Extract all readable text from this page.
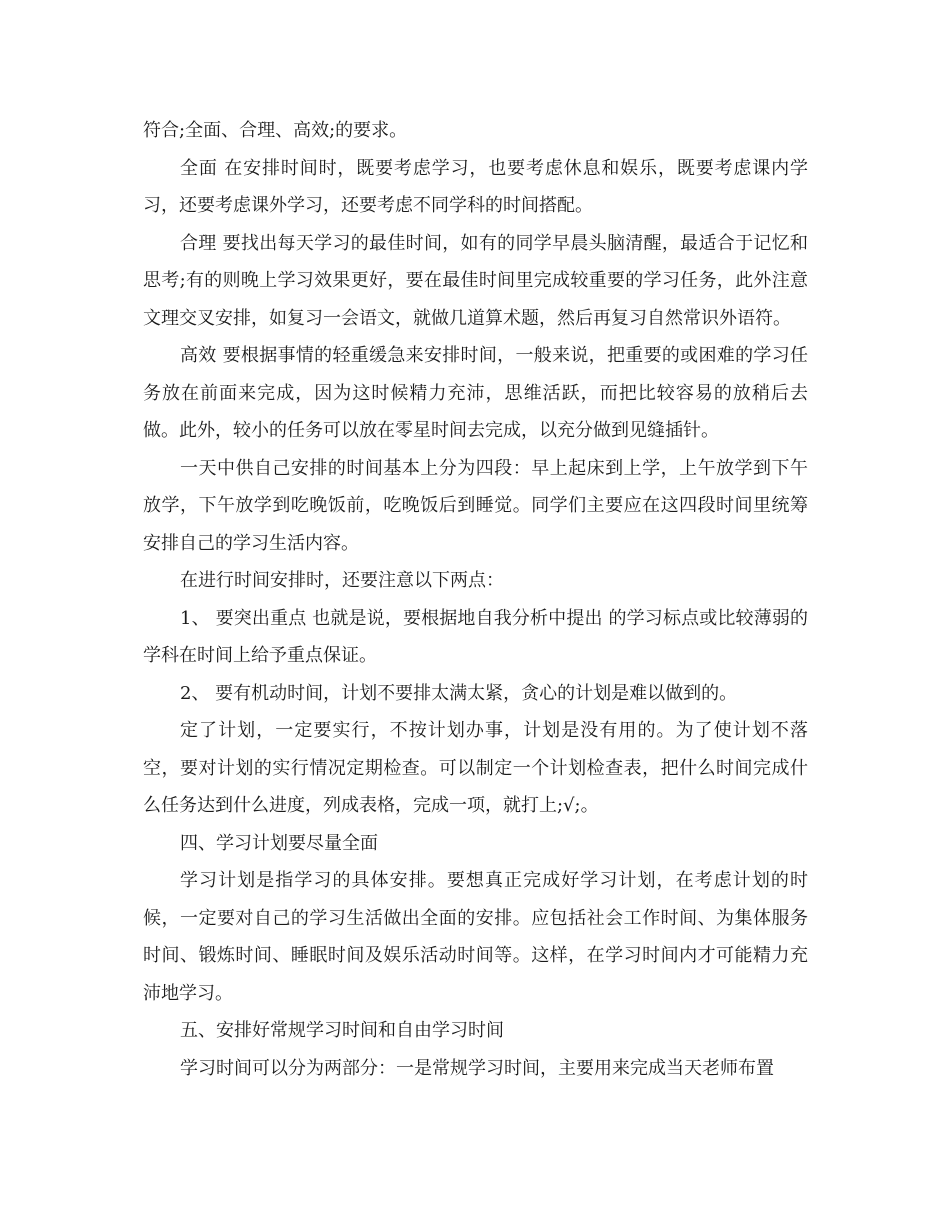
符合;全面、合理、高效;的要求。

全面 在安排时间时，既要考虑学习，也要考虑休息和娱乐，既要考虑课内学习，还要考虑课外学习，还要考虑不同学科的时间搭配。

合理 要找出每天学习的最佳时间，如有的同学早晨头脑清醒，最适合于记忆和思考;有的则晚上学习效果更好，要在最佳时间里完成较重要的学习任务，此外注意文理交叉安排，如复习一会语文，就做几道算术题，然后再复习自然常识外语符。

高效 要根据事情的轻重缓急来安排时间，一般来说，把重要的或困难的学习任务放在前面来完成，因为这时候精力充沛，思维活跃，而把比较容易的放稍后去做。此外，较小的任务可以放在零星时间去完成，以充分做到见缝插针。

一天中供自己安排的时间基本上分为四段：早上起床到上学，上午放学到下午放学，下午放学到吃晚饭前，吃晚饭后到睡觉。同学们主要应在这四段时间里统筹安排自己的学习生活内容。

在进行时间安排时，还要注意以下两点：

1、 要突出重点 也就是说，要根据地自我分析中提出 的学习标点或比较薄弱的学科在时间上给予重点保证。

2、 要有机动时间，计划不要排太满太紧，贪心的计划是难以做到的。

定了计划，一定要实行，不按计划办事，计划是没有用的。为了使计划不落空，要对计划的实行情况定期检查。可以制定一个计划检查表，把什么时间完成什么任务达到什么进度，列成表格，完成一项，就打上;√;。

四、学习计划要尽量全面

学习计划是指学习的具体安排。要想真正完成好学习计划，在考虑计划的时候，一定要对自己的学习生活做出全面的安排。应包括社会工作时间、为集体服务时间、锻炼时间、睡眠时间及娱乐活动时间等。这样，在学习时间内才可能精力充沛地学习。

五、安排好常规学习时间和自由学习时间

学习时间可以分为两部分：一是常规学习时间，主要用来完成当天老师布置
